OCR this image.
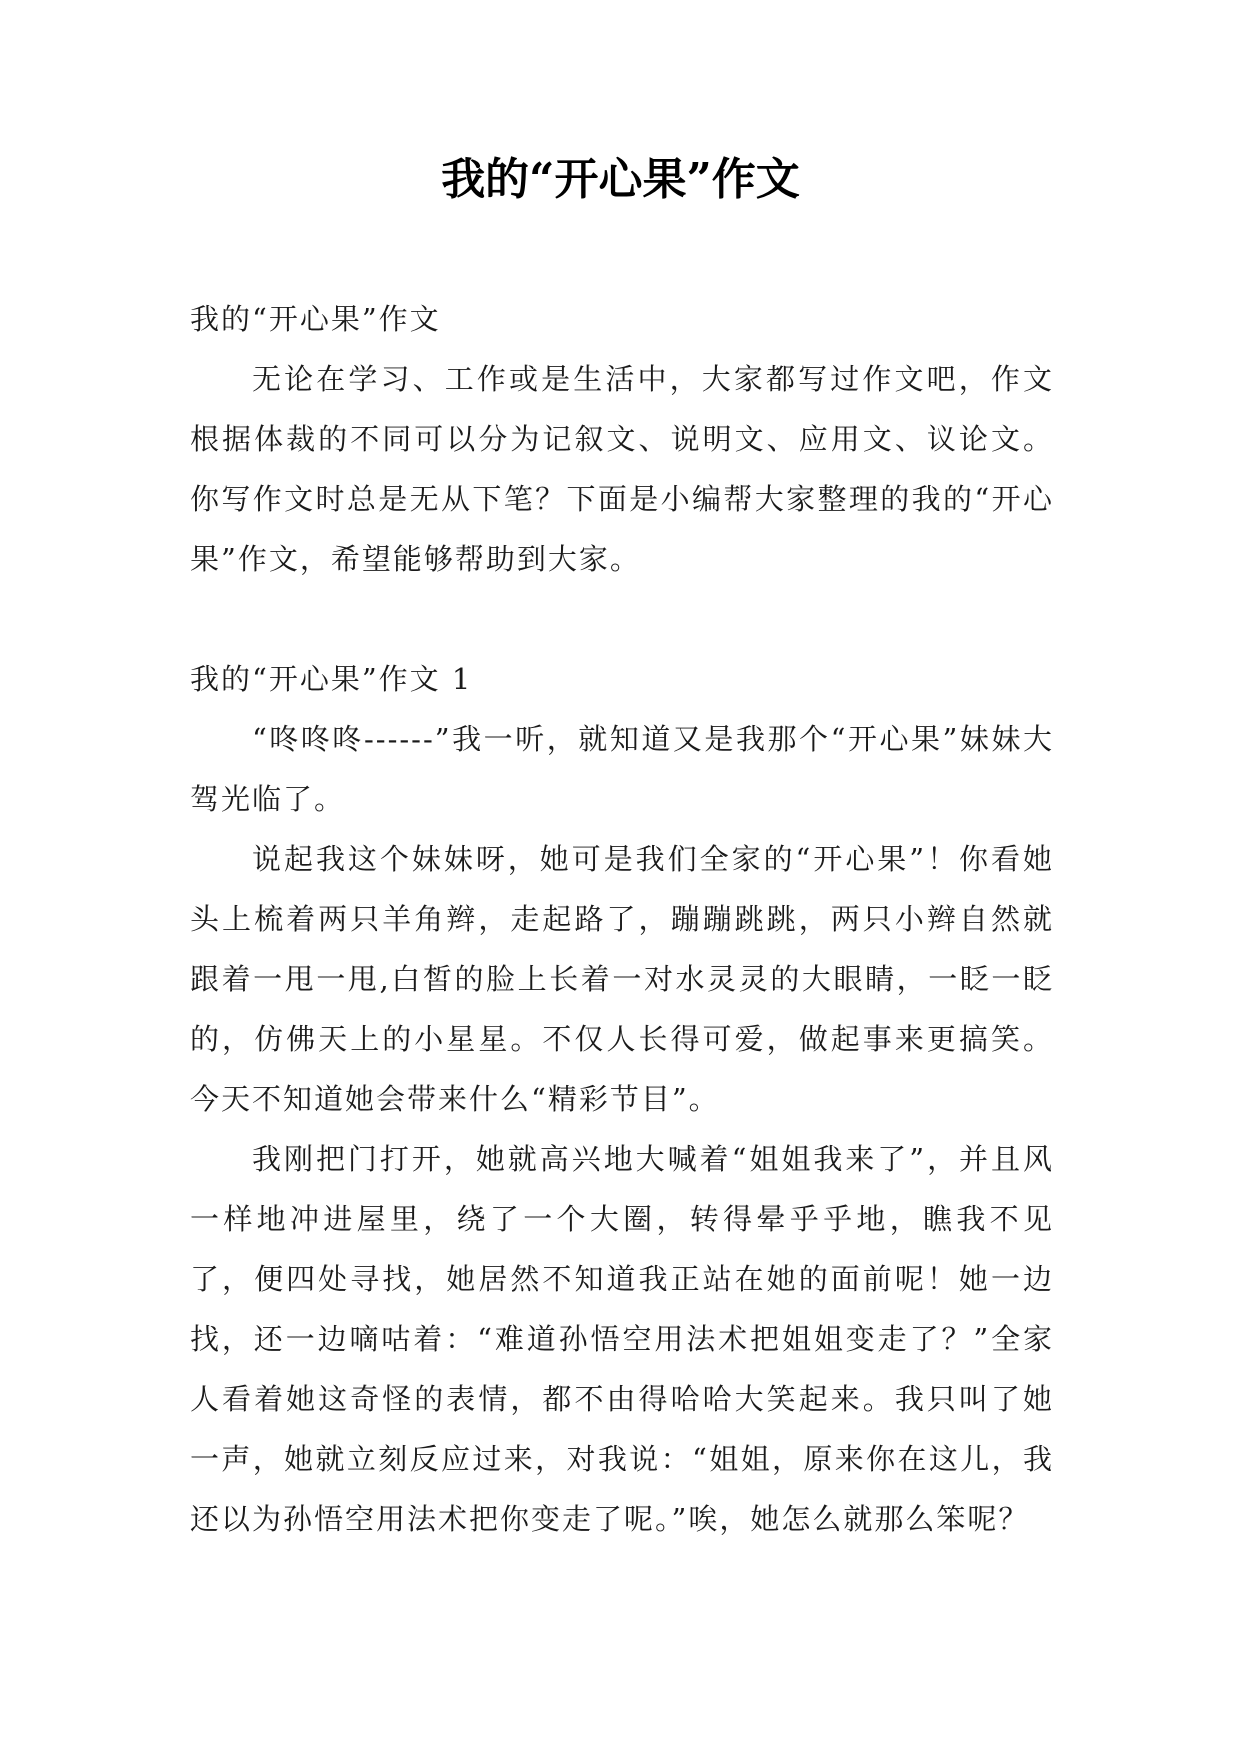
我的“开心果”作文

我的“开心果”作文

无论在学习、工作或是生活中，大家都写过作文吧，作文根据体裁的不同可以分为记叙文、说明文、应用文、议论文。你写作文时总是无从下笔？下面是小编帮大家整理的我的“开心果”作文，希望能够帮助到大家。

我的“开心果”作文 1

“咚咚咚------”我一听，就知道又是我那个“开心果”妹妹大驾光临了。

说起我这个妹妹呀，她可是我们全家的“开心果”！你看她头上梳着两只羊角辫，走起路了，蹦蹦跳跳，两只小辫自然就跟着一甩一甩,白皙的脸上长着一对水灵灵的大眼睛，一眨一眨的，仿佛天上的小星星。不仅人长得可爱，做起事来更搞笑。今天不知道她会带来什么“精彩节目”。

我刚把门打开，她就高兴地大喊着“姐姐我来了”，并且风一样地冲进屋里，绕了一个大圈，转得晕乎乎地，瞧我不见了，便四处寻找，她居然不知道我正站在她的面前呢！她一边找，还一边嘀咕着：“难道孙悟空用法术把姐姐变走了？”全家人看着她这奇怪的表情，都不由得哈哈大笑起来。我只叫了她一声，她就立刻反应过来，对我说：“姐姐，原来你在这儿，我还以为孙悟空用法术把你变走了呢。”唉，她怎么就那么笨呢？
